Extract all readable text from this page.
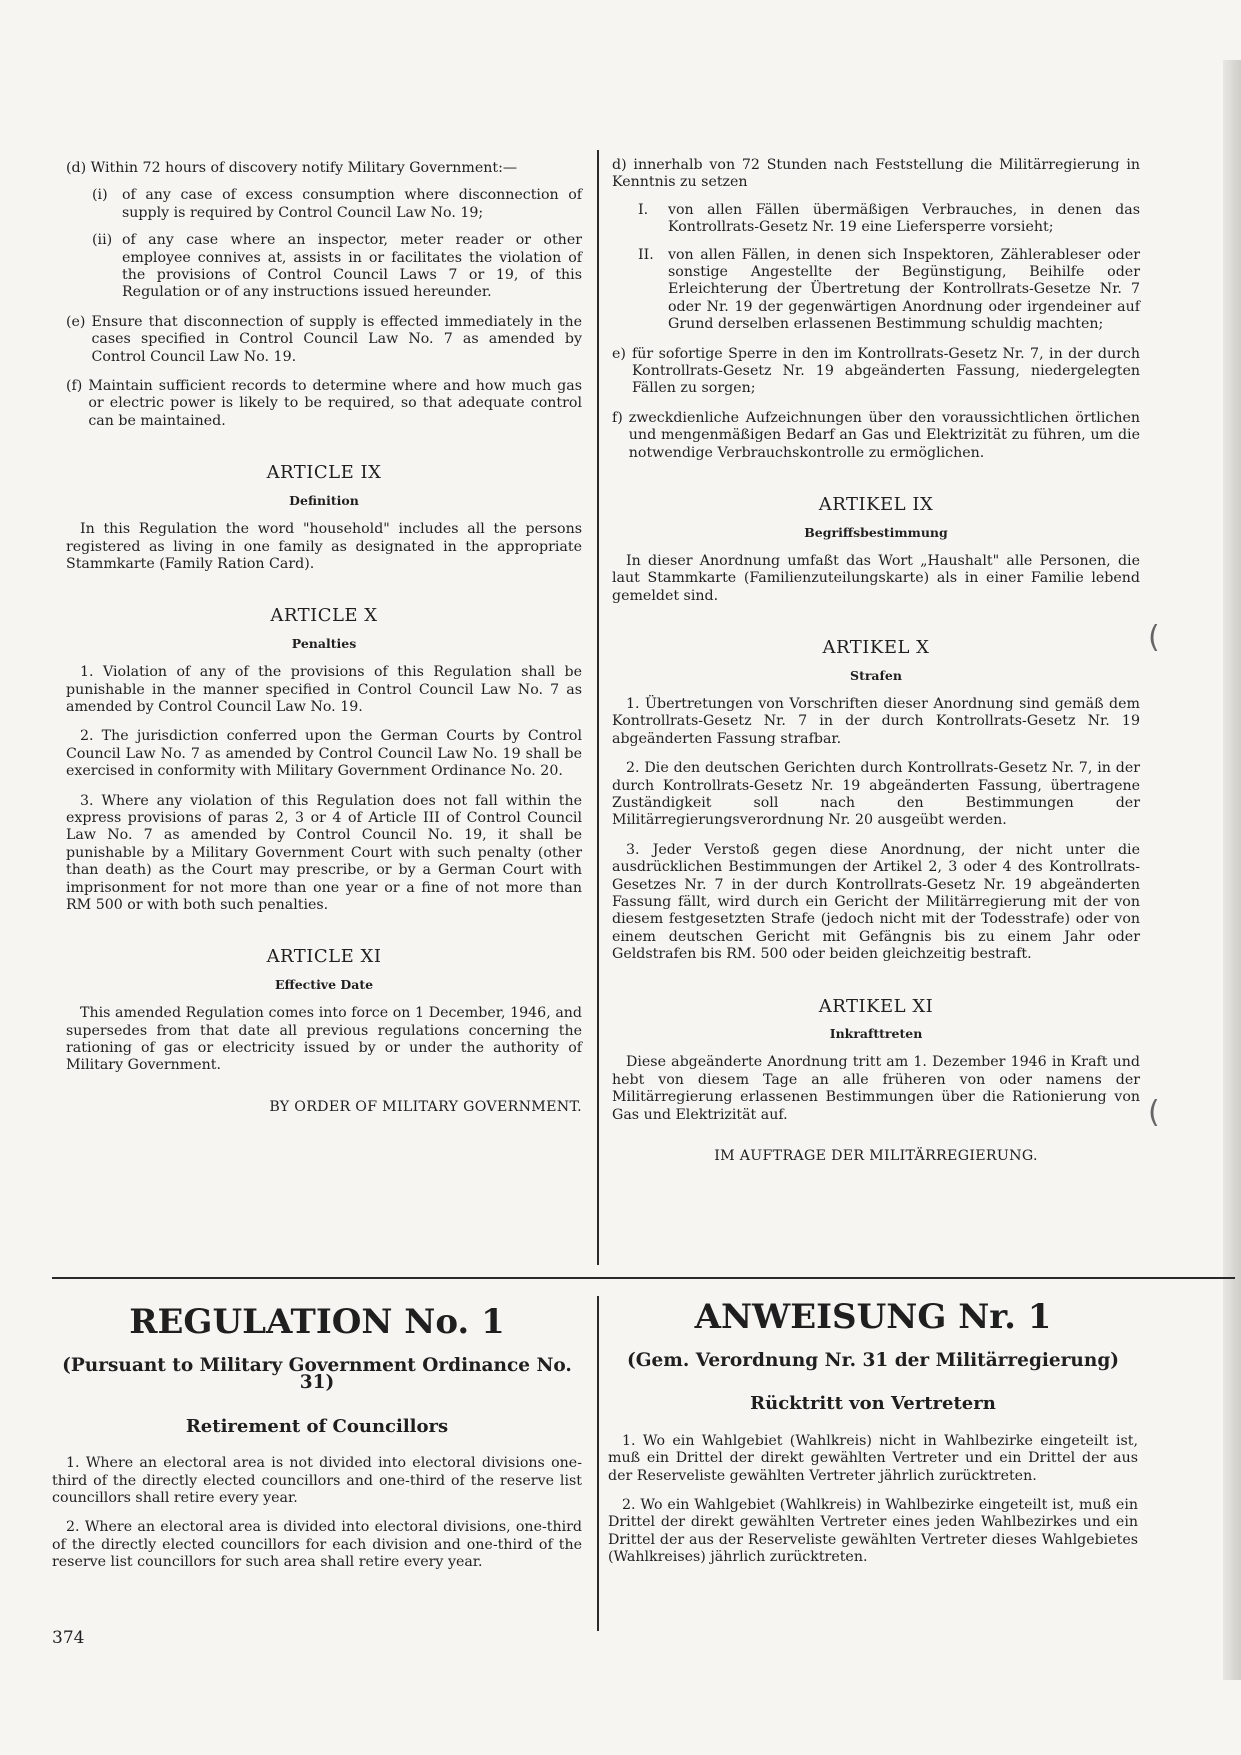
(d) Within 72 hours of discovery notify Military Government:—

(i)	of any case of excess consumption where disconnection of supply is required by Control Council Law No. 19;
(ii) of any case where an inspector, meter reader or other employee connives at, assists in or facilitates the violation of the provisions of Control Council Laws 7 or 19, of this Regulation or of any instructions issued hereunder.
(e) Ensure that disconnection of supply is effected immediately in the cases specified in Control Council Law No. 7 as amended by Control Council Law No. 19.
(f) Maintain sufficient records to determine where and how much gas or electric power is likely to be required, so that adequate control can be maintained.
ARTICLE IX
Definition

In this Regulation the word "household" includes all the persons registered as living in one family as designated in the appropriate Stammkarte (Family Ration Card).

ARTICLE X
Penalties

1. Violation of any of the provisions of this Regulation shall be punishable in the manner specified in Control Council Law No. 7 as amended by Control Council Law No. 19.

2. The jurisdiction conferred upon the German Courts by Control Council Law No. 7 as amended by Control Council Law No. 19 shall be exercised in conformity with Military Government Ordinance No. 20.

3. Where any violation of this Regulation does not fall within the express provisions of paras 2, 3 or 4 of Article III of Control Council Law No. 7 as amended by Control Council No. 19, it shall be punishable by a Military Government Court with such penalty (other than death) as the Court may prescribe, or by a German Court with imprisonment for not more than one year or a fine of not more than RM 500 or with both such penalties.

ARTICLE XI
Effective Date

This amended Regulation comes into force on 1 December, 1946, and supersedes from that date all previous regulations concerning the rationing of gas or electricity issued by or under the authority of Military Government.

BY ORDER OF MILITARY GOVERNMENT.

d) innerhalb von 72 Stunden nach Feststellung die Militärregierung in Kenntnis zu setzen

I.	von allen Fällen übermäßigen Verbrauches, in denen das Kontrollrats-Gesetz Nr. 19 eine Liefersperre vorsieht;
II.	von allen Fällen, in denen sich Inspektoren, Zählerableser oder sonstige Angestellte der Begünstigung, Beihilfe oder Erleichterung der Übertretung der Kontrollrats-Gesetze Nr. 7 oder Nr. 19 der gegenwärtigen Anordnung oder irgendeiner auf Grund derselben erlassenen Bestimmung schuldig machten;
e) für sofortige Sperre in den im Kontrollrats-Gesetz Nr. 7, in der durch Kontrollrats-Gesetz Nr. 19 abgeänderten Fassung, niedergelegten Fällen zu sorgen;
f) zweckdienliche Aufzeichnungen über den voraussichtlichen örtlichen und mengenmäßigen Bedarf an Gas und Elektrizität zu führen, um die notwendige Verbrauchskontrolle zu ermöglichen.
ARTIKEL IX
Begriffsbestimmung

In dieser Anordnung umfaßt das Wort „Haushalt" alle Personen, die laut Stammkarte (Familienzuteilungskarte) als in einer Familie lebend gemeldet sind.

ARTIKEL X
Strafen

1. Übertretungen von Vorschriften dieser Anordnung sind gemäß dem Kontrollrats-Gesetz Nr. 7 in der durch Kontrollrats-Gesetz Nr. 19 abgeänderten Fassung strafbar.

2. Die den deutschen Gerichten durch Kontrollrats-Gesetz Nr. 7, in der durch Kontrollrats-Gesetz Nr. 19 abgeänderten Fassung, übertragene Zuständigkeit soll nach den Bestimmungen der Militärregierungsverordnung Nr. 20 ausgeübt werden.

3. Jeder Verstoß gegen diese Anordnung, der nicht unter die ausdrücklichen Bestimmungen der Artikel 2, 3 oder 4 des Kontrollrats-Gesetzes Nr. 7 in der durch Kontrollrats-Gesetz Nr. 19 abgeänderten Fassung fällt, wird durch ein Gericht der Militärregierung mit der von diesem festgesetzten Strafe (jedoch nicht mit der Todesstrafe) oder von einem deutschen Gericht mit Gefängnis bis zu einem Jahr oder Geldstrafen bis RM. 500 oder beiden gleichzeitig bestraft.

ARTIKEL XI
Inkrafttreten

Diese abgeänderte Anordnung tritt am 1. Dezember 1946 in Kraft und hebt von diesem Tage an alle früheren von oder namens der Militärregierung erlassenen Bestimmungen über die Rationierung von Gas und Elektrizität auf.

IM AUFTRAGE DER MILITÄRREGIERUNG.
(
(
REGULATION No. 1
(Pursuant to Military Government Ordinance No. 31)
Retirement of Councillors

1. Where an electoral area is not divided into electoral divisions one-third of the directly elected councillors and one-third of the reserve list councillors shall retire every year.

2. Where an electoral area is divided into electoral divisions, one-third of the directly elected councillors for each division and one-third of the reserve list councillors for such area shall retire every year.

ANWEISUNG Nr. 1
(Gem. Verordnung Nr. 31 der Militärregierung)
Rücktritt von Vertretern

1. Wo ein Wahlgebiet (Wahlkreis) nicht in Wahlbezirke eingeteilt ist, muß ein Drittel der direkt gewählten Vertreter und ein Drittel der aus der Reserveliste gewählten Vertreter jährlich zurücktreten.

2. Wo ein Wahlgebiet (Wahlkreis) in Wahlbezirke eingeteilt ist, muß ein Drittel der direkt gewählten Vertreter eines jeden Wahlbezirkes und ein Drittel der aus der Reserveliste gewählten Vertreter dieses Wahlgebietes (Wahlkreises) jährlich zurücktreten.

374
